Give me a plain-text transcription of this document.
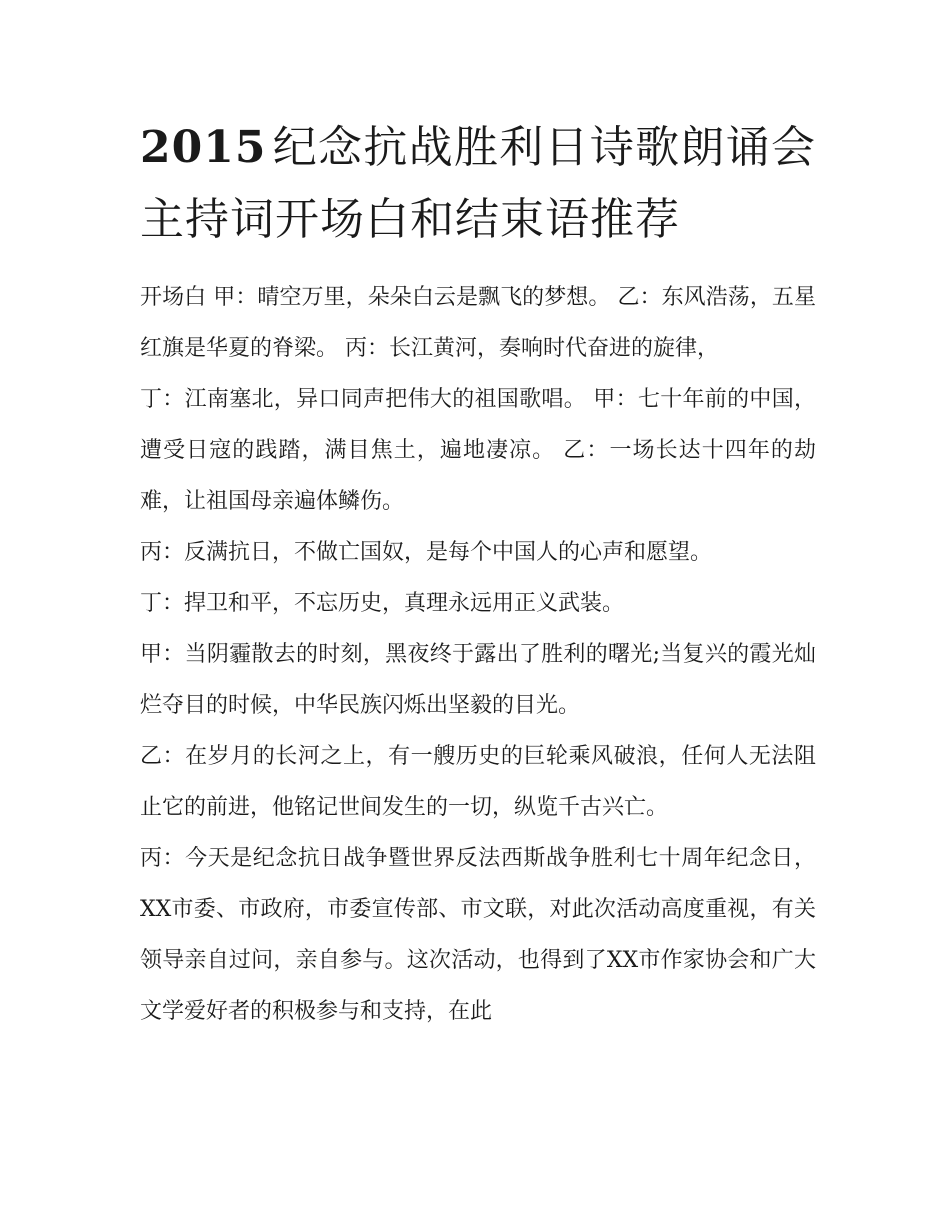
2015 纪念抗战胜利日诗歌朗诵会主持词开场白和结束语推荐

开场白 甲：晴空万里，朵朵白云是飘飞的梦想。 乙：东风浩荡，五星红旗是华夏的脊梁。 丙：长江黄河，奏响时代奋进的旋律，

丁：江南塞北，异口同声把伟大的祖国歌唱。 甲：七十年前的中国，遭受日寇的践踏，满目焦土，遍地凄凉。 乙：一场长达十四年的劫难，让祖国母亲遍体鳞伤。

丙：反满抗日，不做亡国奴，是每个中国人的心声和愿望。

丁：捍卫和平，不忘历史，真理永远用正义武装。

甲：当阴霾散去的时刻，黑夜终于露出了胜利的曙光;当复兴的霞光灿烂夺目的时候，中华民族闪烁出坚毅的目光。

乙：在岁月的长河之上，有一艘历史的巨轮乘风破浪，任何人无法阻止它的前进，他铭记世间发生的一切，纵览千古兴亡。

丙：今天是纪念抗日战争暨世界反法西斯战争胜利七十周年纪念日，XX市委、市政府，市委宣传部、市文联，对此次活动高度重视，有关领导亲自过问，亲自参与。这次活动，也得到了XX市作家协会和广大文学爱好者的积极参与和支持，在此
